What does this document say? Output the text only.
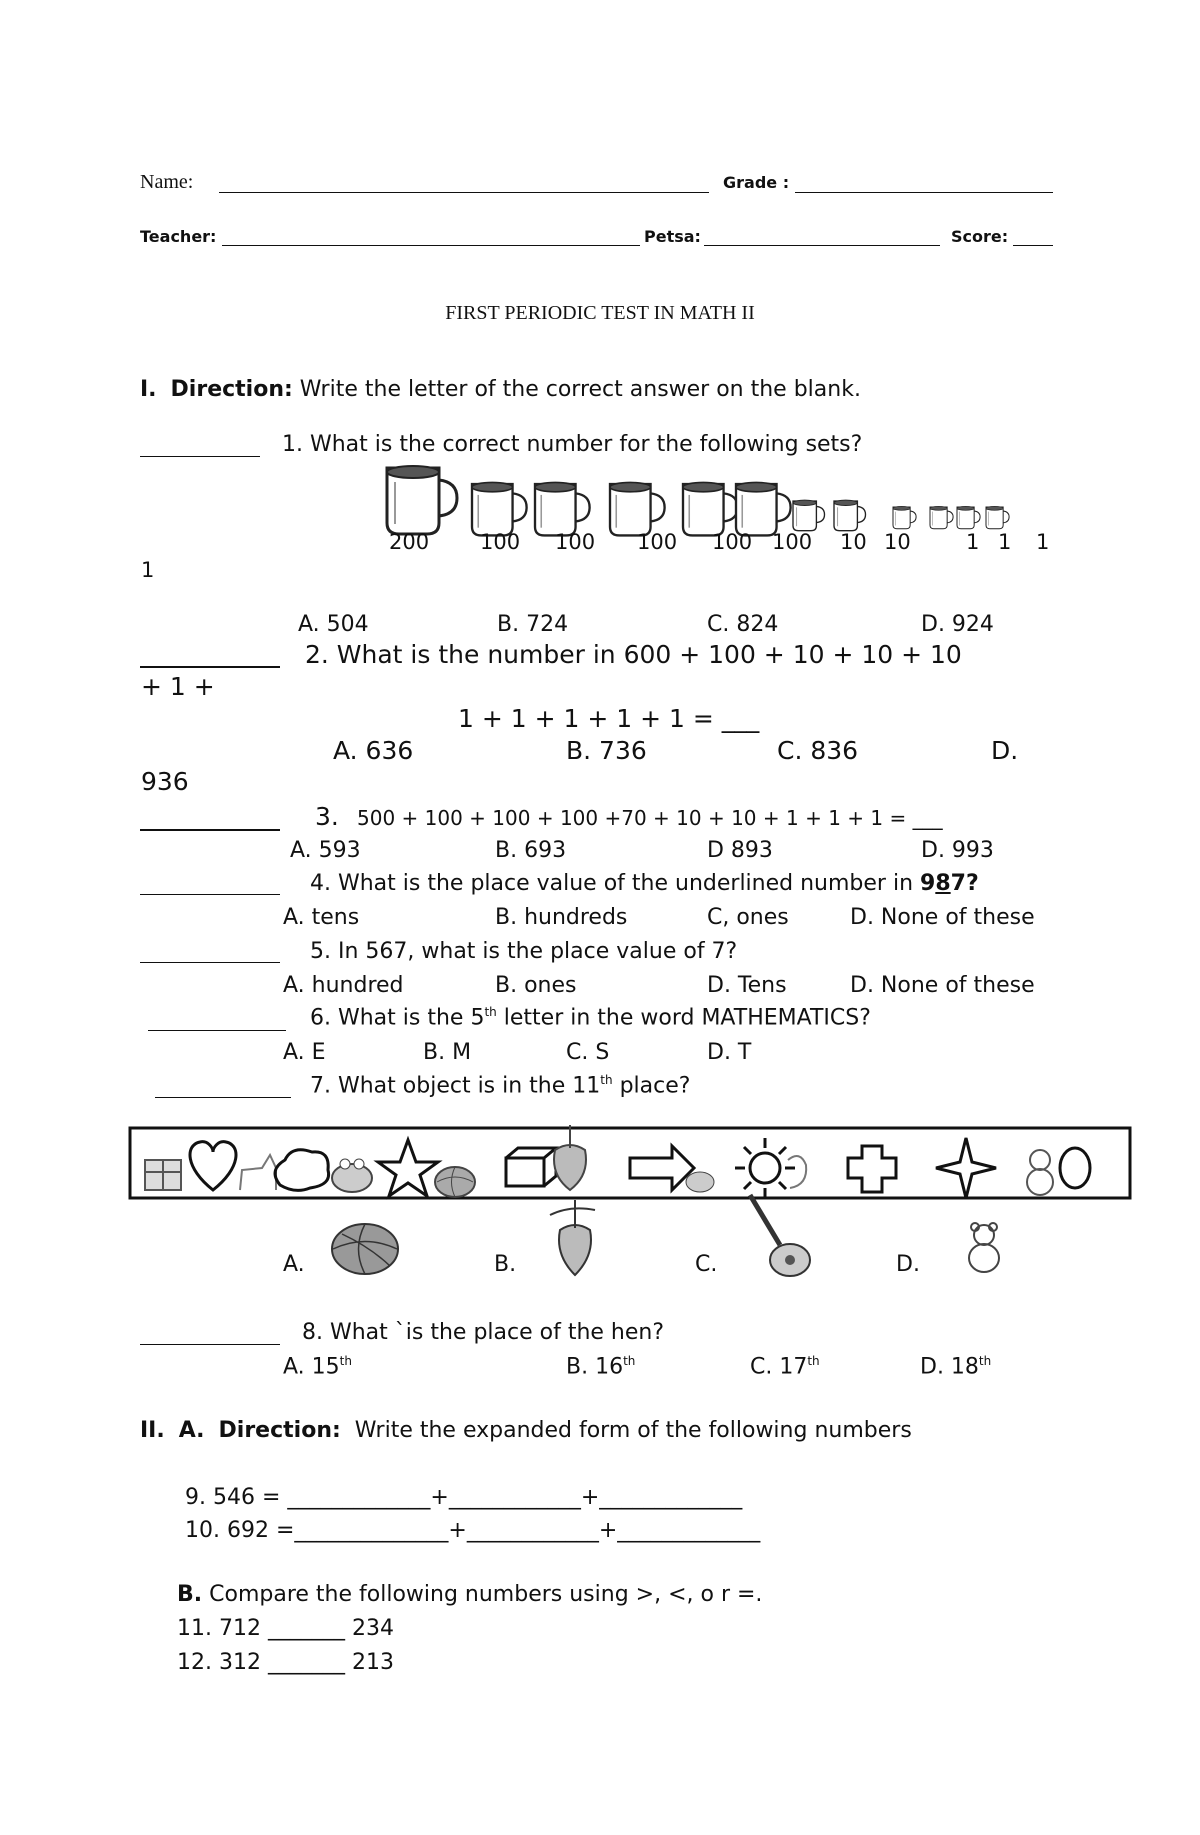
Name:	Grade :
Teacher:	Petsa:	Score:
FIRST PERIODIC TEST IN MATH II
I. Direction: Write the letter of the correct answer on the blank.
1. What is the correct number for the following sets?
200 100 100 100 100 100 10 10	1 1 1
1
A. 504	B. 724	C. 824	D. 924
2. What is the number in 600 + 100 + 10 + 10 + 10
+ 1 +
1 + 1 + 1 + 1 + 1 = ___
A. 636	B. 736	C. 836	D.
936
3. 500 + 100 + 100 + 100 +70 + 10 + 10 + 1 + 1 + 1 = ___
A. 593	B. 693	D 893	D. 993
4. What is the place value of the underlined number in 987?
A. tens	B. hundreds	C, ones	D. None of these
5. In 567, what is the place value of 7?
A. hundred	B. ones	D. Tens	D. None of these
6. What is the 5th letter in the word MATHEMATICS?
A. E	B. M	C. S	D. T
7. What object is in the 11th place?
A.	B.	C.	D.
8. What `is the place of the hen?
A. 15th	B. 16th	C. 17th	D. 18th
II. A. Direction: Write the expanded form of the following numbers
9. 546 = _____________+____________+_____________
10. 692 =______________+____________+_____________
B. Compare the following numbers using >, <, o r =.
11. 712 _______ 234
12. 312 _______ 213
